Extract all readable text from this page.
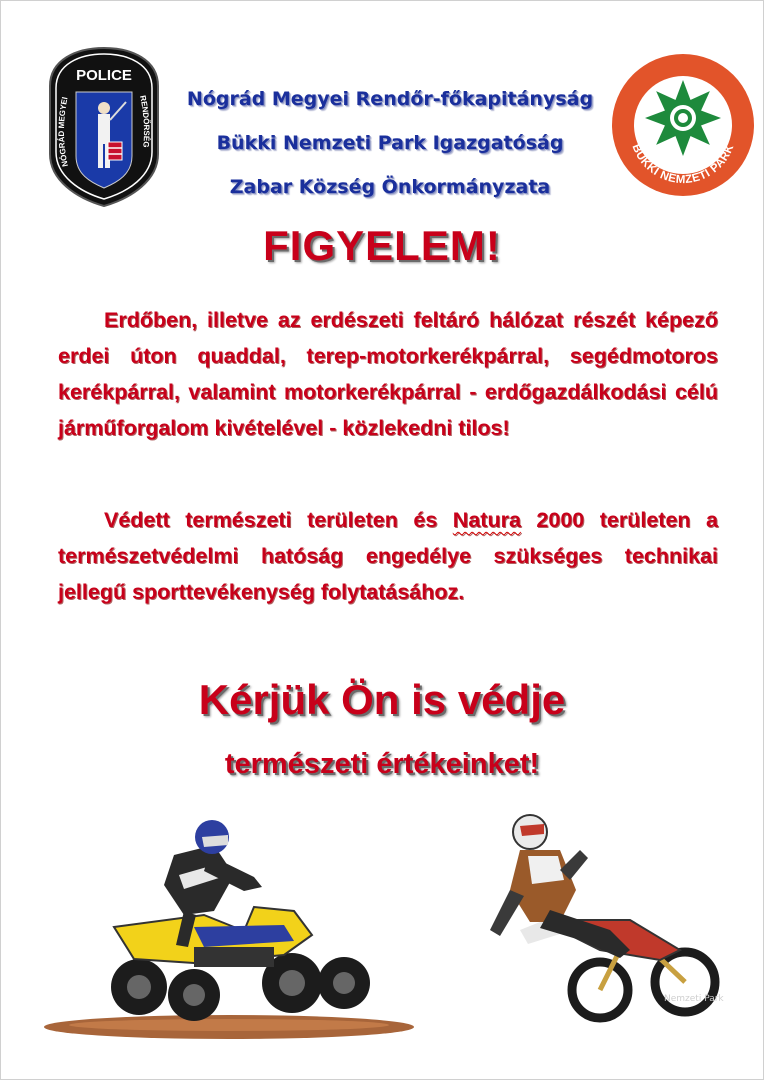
POLICE
NÓGRÁD MEGYEI	RENDŐRSÉG
Nógrád Megyei Rendőr-főkapitányság
Bükki Nemzeti Park Igazgatóság
Zabar Község Önkormányzata
BÜKKI NEMZETI PARK
FIGYELEM!
Erdőben, illetve az erdészeti feltáró hálózat részét képező erdei úton quaddal, terep-motorkerékpárral, segédmotoros kerékpárral, valamint motorkerékpárral - erdőgazdálkodási célú járműforgalom kivételével - közlekedni tilos!
Védett természeti területen és Natura 2000 területen a természetvédelmi hatóság engedélye szükséges technikai jellegű sporttevékenység folytatásához.
Kérjük Ön is védje
természeti értékeinket!
Nemzeti Park
